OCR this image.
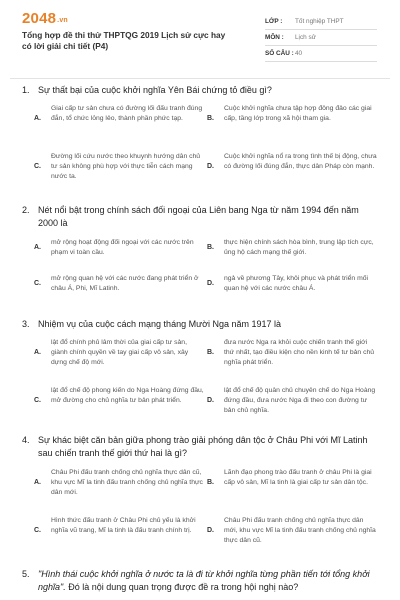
2048.vn
Tổng hợp đề thi thử THPTQG 2019 Lịch sử cực hay có lời giải chi tiết (P4)
LỚP :	Tốt nghiệp THPT
MÔN :	Lịch sử
SỐ CÂU : 40
1. Sự thất bại của cuộc khởi nghĩa Yên Bái chứng tỏ điều gì?
A.
Giai cấp tư sản chưa có đường lối đấu tranh đúng đắn, tổ chức lỏng lẻo, thành phần phức tạp.	B.
Cuộc khởi nghĩa chưa tập hợp đông đảo các giai cấp, tầng lớp trong xã hội tham gia.
C.
Đường lối cứu nước theo khuynh hướng dân chủ tư sản không phù hợp với thực tiễn cách mạng nước ta.
D.
Cuộc khởi nghĩa nổ ra trong tình thế bị động, chưa có đường lối đúng đắn, thực dân Pháp còn mạnh.
2. Nét nổi bật trong chính sách đối ngoại của Liên bang Nga từ năm 1994 đến năm 2000 là
A.
mở rộng hoạt động đối ngoại với các nước trên phạm vi toàn cầu.
B.
thực hiện chính sách hòa bình, trung lập tích cực, ủng hộ cách mạng thế giới.
C.
mở rộng quan hệ với các nước đang phát triển ở châu Á, Phi, Mĩ Latinh.
D.
ngả về phương Tây, khôi phục và phát triển mối quan hệ với các nước châu Á.
3. Nhiệm vụ của cuộc cách mạng tháng Mười Nga năm 1917 là
A.
lật đổ chính phủ lâm thời của giai cấp tư sản, giành chính quyền về tay giai cấp vô sản, xây dựng chế độ mới.
B.
đưa nước Nga ra khỏi cuộc chiến tranh thế giới thứ nhất, tạo điều kiện cho nền kinh tế tư bản chủ nghĩa phát triển.
C.
lật đổ chế độ phong kiến do Nga Hoàng đứng đầu, mở đường cho chủ nghĩa tư bản phát triển.	D.
lật đổ chế độ quân chủ chuyên chế do Nga Hoàng đứng đầu, đưa nước Nga đi theo con đường tư bản chủ nghĩa.
4. Sự khác biệt căn bản giữa phong trào giải phóng dân tộc ở Châu Phi với Mĩ Latinh sau chiến tranh thế giới thứ hai là gì?
A.
Châu Phi đấu tranh chống chủ nghĩa thực dân cũ, khu vực Mĩ la tinh đấu tranh chống chủ nghĩa thực dân mới.
B.
Lãnh đạo phong trào đấu tranh ở châu Phi là giai cấp vô sản, Mĩ la tinh là giai cấp tư sản dân tộc.
C.
Hình thức đấu tranh ở Châu Phi chủ yếu là khởi nghĩa vũ trang, Mĩ la tinh là đấu tranh chính trị.	D.
Châu Phi đấu tranh chống chủ nghĩa thực dân mới, khu vực Mĩ la tinh đấu tranh chống chủ nghĩa thực dân cũ.
5. "Hình thái cuộc khởi nghĩa ở nước ta là đi từ khởi nghĩa từng phần tiến tới tổng khởi nghĩa". Đó là nội dung quan trọng được đề ra trong hội nghị nào?
